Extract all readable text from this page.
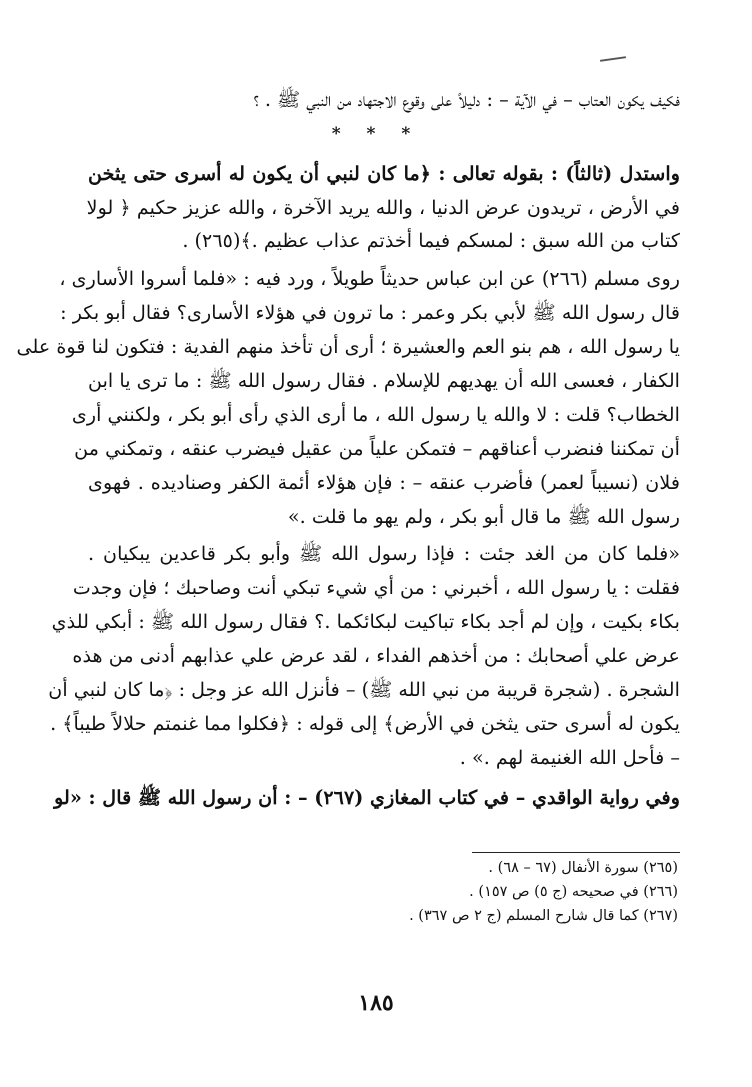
فكيف يكون العتاب – في الآية – : دليلاً على وقوع الاجتهاد من النبي ﷺ . ؟
* * *
واستدل (ثالثاً) : بقوله تعالى : ﴿ما كان لنبي أن يكون له أسرى حتى يثخن
في الأرض ، تريدون عرض الدنيا ، والله يريد الآخرة ، والله عزيز حكيم ﴿ لولا
كتاب من الله سبق : لمسكم فيما أخذتم عذاب عظيم .﴾(٢٦٥) .
روى مسلم (٢٦٦) عن ابن عباس حديثاً طويلاً ، ورد فيه : «فلما أسروا الأسارى ،
قال رسول الله ﷺ لأبي بكر وعمر : ما ترون في هؤلاء الأسارى؟ فقال أبو بكر :
يا رسول الله ، هم بنو العم والعشيرة ؛ أرى أن تأخذ منهم الفدية : فتكون لنا قوة على
الكفار ، فعسى الله أن يهديهم للإسلام . فقال رسول الله ﷺ : ما ترى يا ابن
الخطاب؟ قلت : لا والله يا رسول الله ، ما أرى الذي رأى أبو بكر ، ولكنني أرى
أن تمكننا فنضرب أعناقهم – فتمكن علياً من عقيل فيضرب عنقه ، وتمكني من
فلان (نسيباً لعمر) فأضرب عنقه – : فإن هؤلاء أئمة الكفر وصناديده . فهوى
رسول الله ﷺ ما قال أبو بكر ، ولم يهو ما قلت .»
«فلما كان من الغد جئت : فإذا رسول الله ﷺ وأبو بكر قاعدين يبكيان .
فقلت : يا رسول الله ، أخبرني : من أي شيء تبكي أنت وصاحبك ؛ فإن وجدت
بكاء بكيت ، وإن لم أجد بكاء تباكيت لبكائكما .؟ فقال رسول الله ﷺ : أبكي للذي
عرض علي أصحابك : من أخذهم الفداء ، لقد عرض علي عذابهم أدنى من هذه
الشجرة . (شجرة قريبة من نبي الله ﷺ) – فأنزل الله عز وجل : ﴿ما كان لنبي أن
يكون له أسرى حتى يثخن في الأرض﴾ إلى قوله : ﴿فكلوا مما غنمتم حلالاً طيباً﴾ .
– فأحل الله الغنيمة لهم .» .
وفي رواية الواقدي – في كتاب المغازي (٢٦٧) – : أن رسول الله ﷺ قال : «لو
(٢٦٥) سورة الأنفال (٦٧ – ٦٨) .
(٢٦٦) في صحيحه (ج ٥) ص ١٥٧) .
(٢٦٧) كما قال شارح المسلم (ج ٢ ص ٣٦٧) .
١٨٥
